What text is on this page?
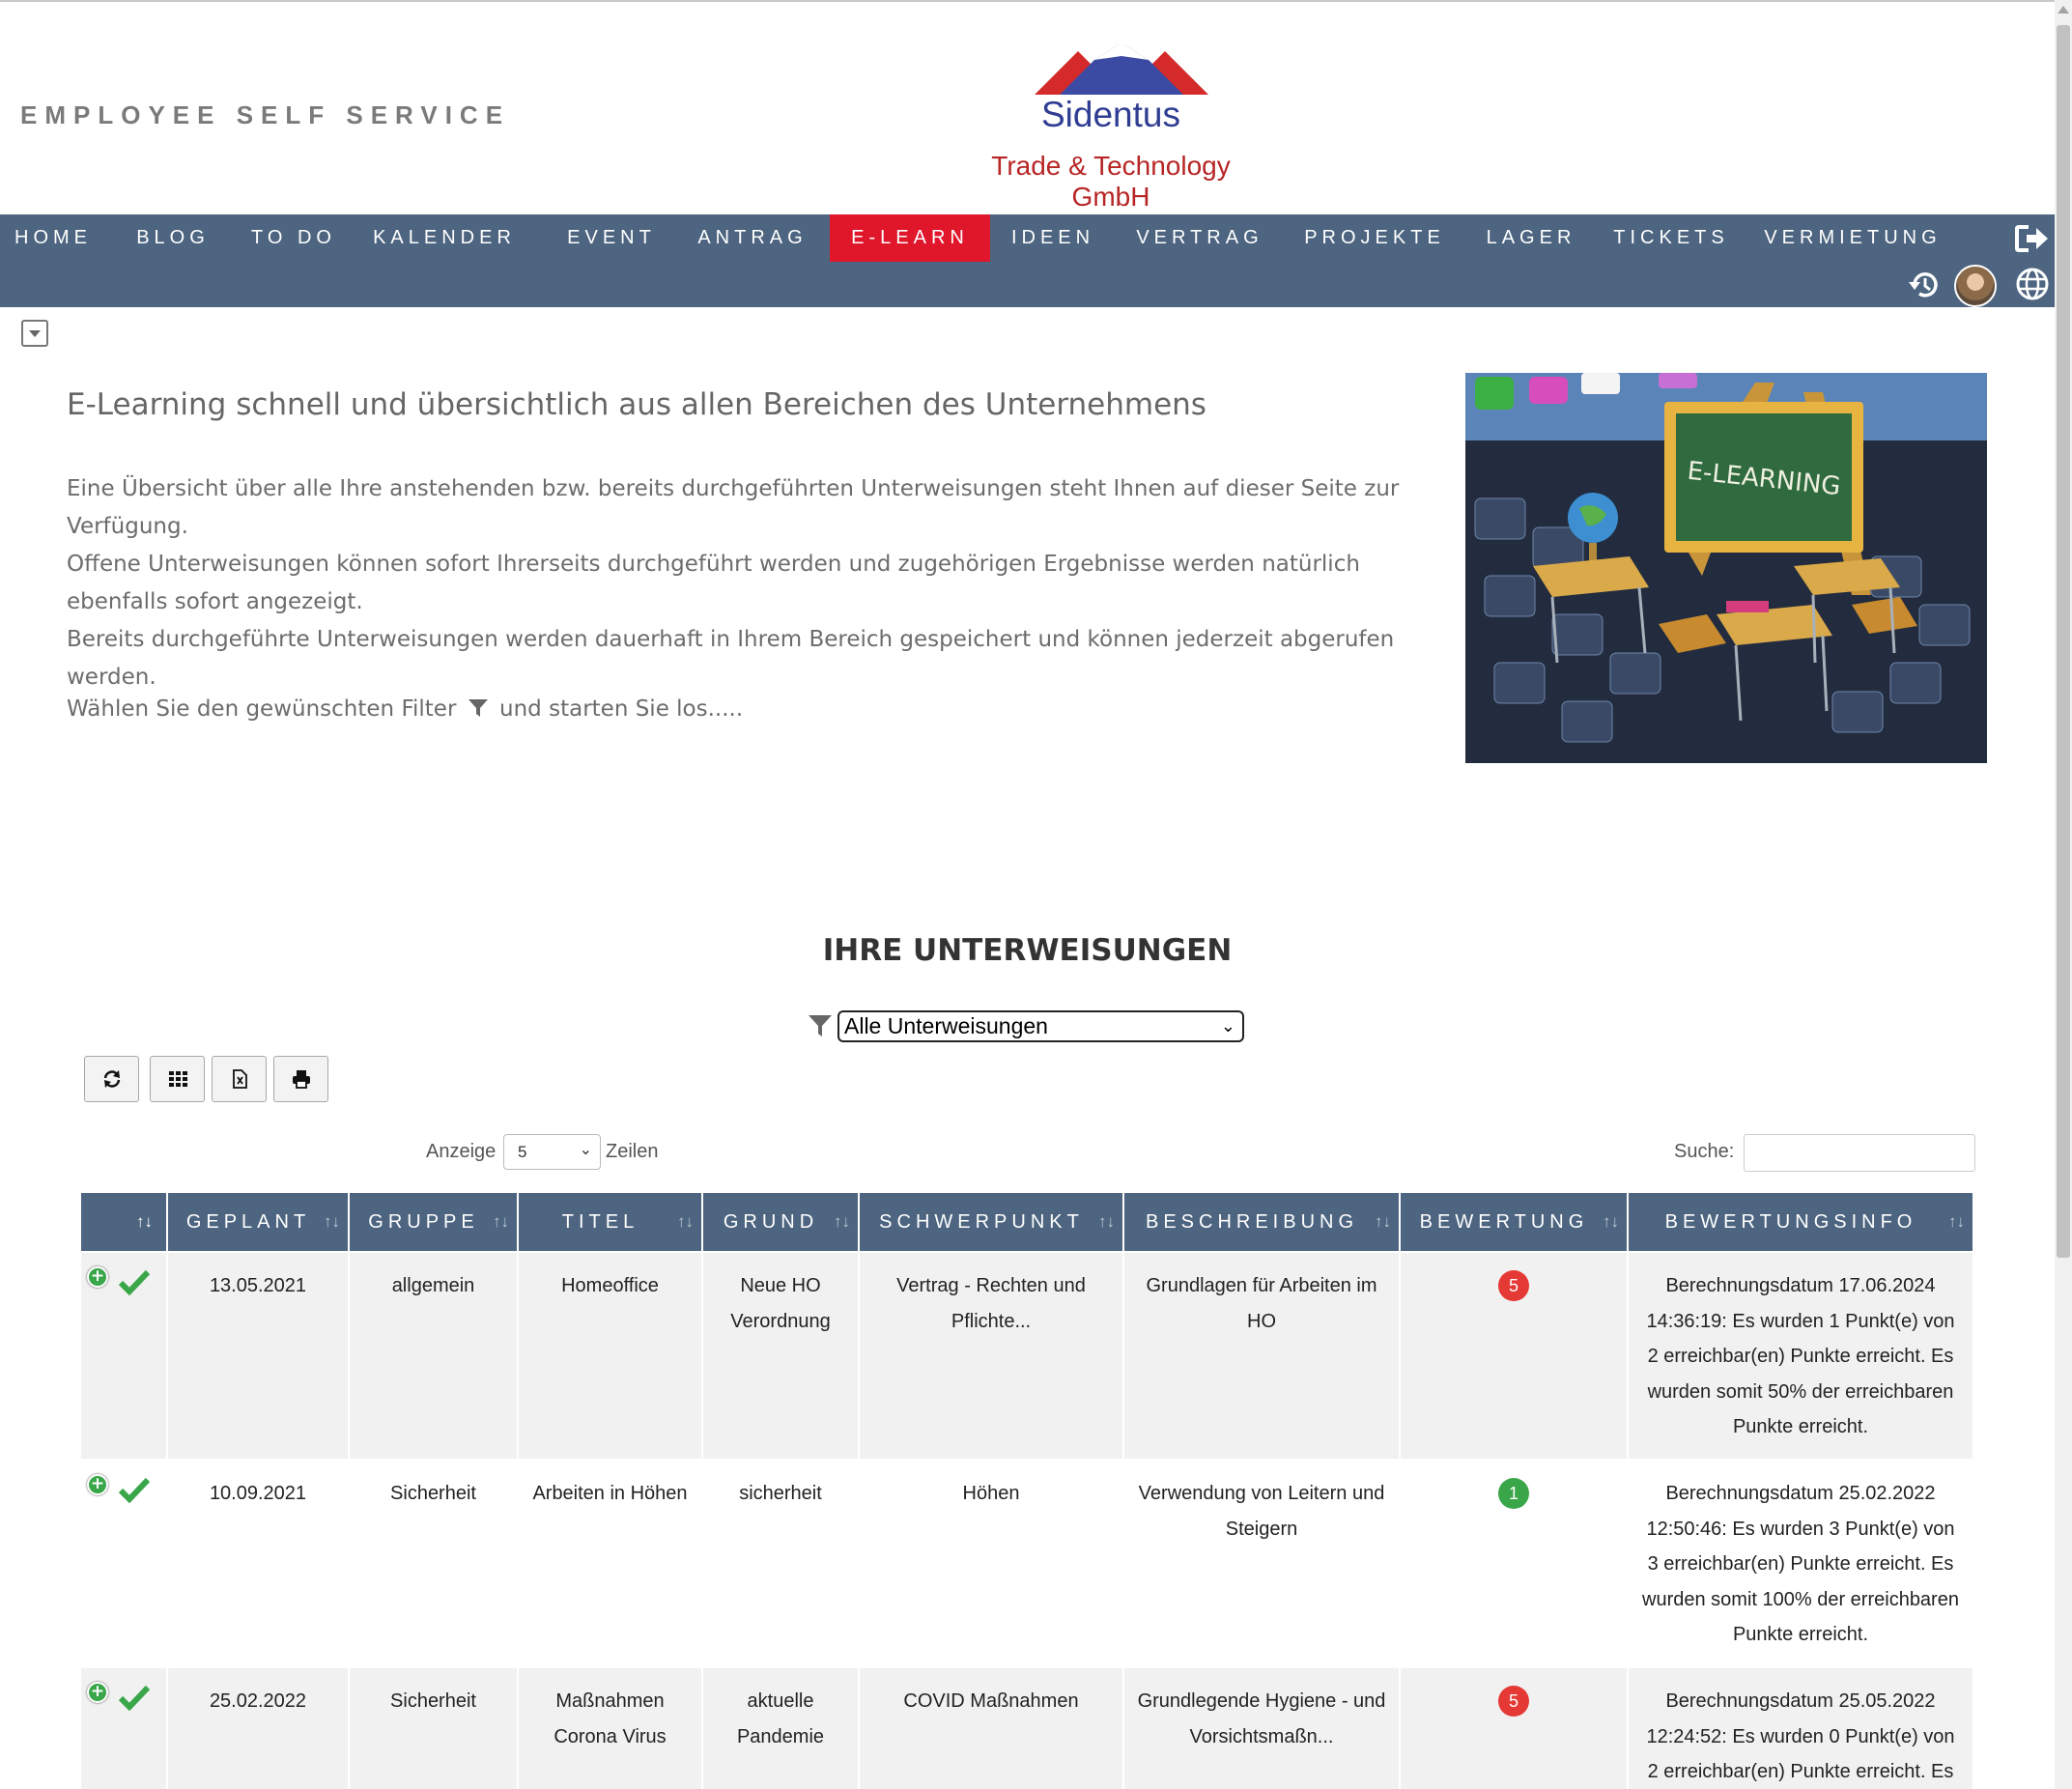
EMPLOYEE SELF SERVICE	Sidentus
Trade & Technology GmbH
HOME	BLOG	TO DO	KALENDER	EVENT	ANTRAG	E-LEARN	IDEEN	VERTRAG	PROJEKTE	LAGER	TICKETS	VERMIETUNG
E-Learning schnell und übersichtlich aus allen Bereichen des Unternehmens
Eine Übersicht über alle Ihre anstehenden bzw. bereits durchgeführten Unterweisungen steht Ihnen auf dieser Seite zur Verfügung.
Offene Unterweisungen können sofort Ihrerseits durchgeführt werden und zugehörigen Ergebnisse werden natürlich ebenfalls sofort angezeigt.
Bereits durchgeführte Unterweisungen werden dauerhaft in Ihrem Bereich gespeichert und können jederzeit abgerufen werden.
Wählen Sie den gewünschten Filter und starten Sie los.....
E-LEARNING
IHRE UNTERWEISUNGEN
Alle Unterweisungen	⌄
Anzeige	5	⌄ Zeilen	Suche:
↑↓	GEPLANT ↑↓	GRUPPE ↑↓	TITEL ↑↓	GRUND ↑↓	SCHWERPUNKT ↑↓	BESCHREIBUNG ↑↓	BEWERTUNG ↑↓	BEWERTUNGSINFO ↑↓

+	13.05.2021	allgemein	Homeoffice	Neue HO Verordnung	Vertrag - Rechten und Pflichte...	Grundlagen für Arbeiten im HO	5	Berechnungsdatum 17.06.2024 14:36:19: Es wurden 1 Punkt(e) von 2 erreichbar(en) Punkte erreicht. Es wurden somit 50% der erreichbaren Punkte erreicht.

+	10.09.2021	Sicherheit	Arbeiten in Höhen	sicherheit	Höhen	Verwendung von Leitern und Steigern	1	Berechnungsdatum 25.02.2022 12:50:46: Es wurden 3 Punkt(e) von 3 erreichbar(en) Punkte erreicht. Es wurden somit 100% der erreichbaren Punkte erreicht.

+	25.02.2022	Sicherheit	Maßnahmen Corona Virus	aktuelle Pandemie	COVID Maßnahmen	Grundlegende Hygiene - und Vorsichtsmaßn...	5	Berechnungsdatum 25.05.2022 12:24:52: Es wurden 0 Punkt(e) von 2 erreichbar(en) Punkte erreicht. Es
